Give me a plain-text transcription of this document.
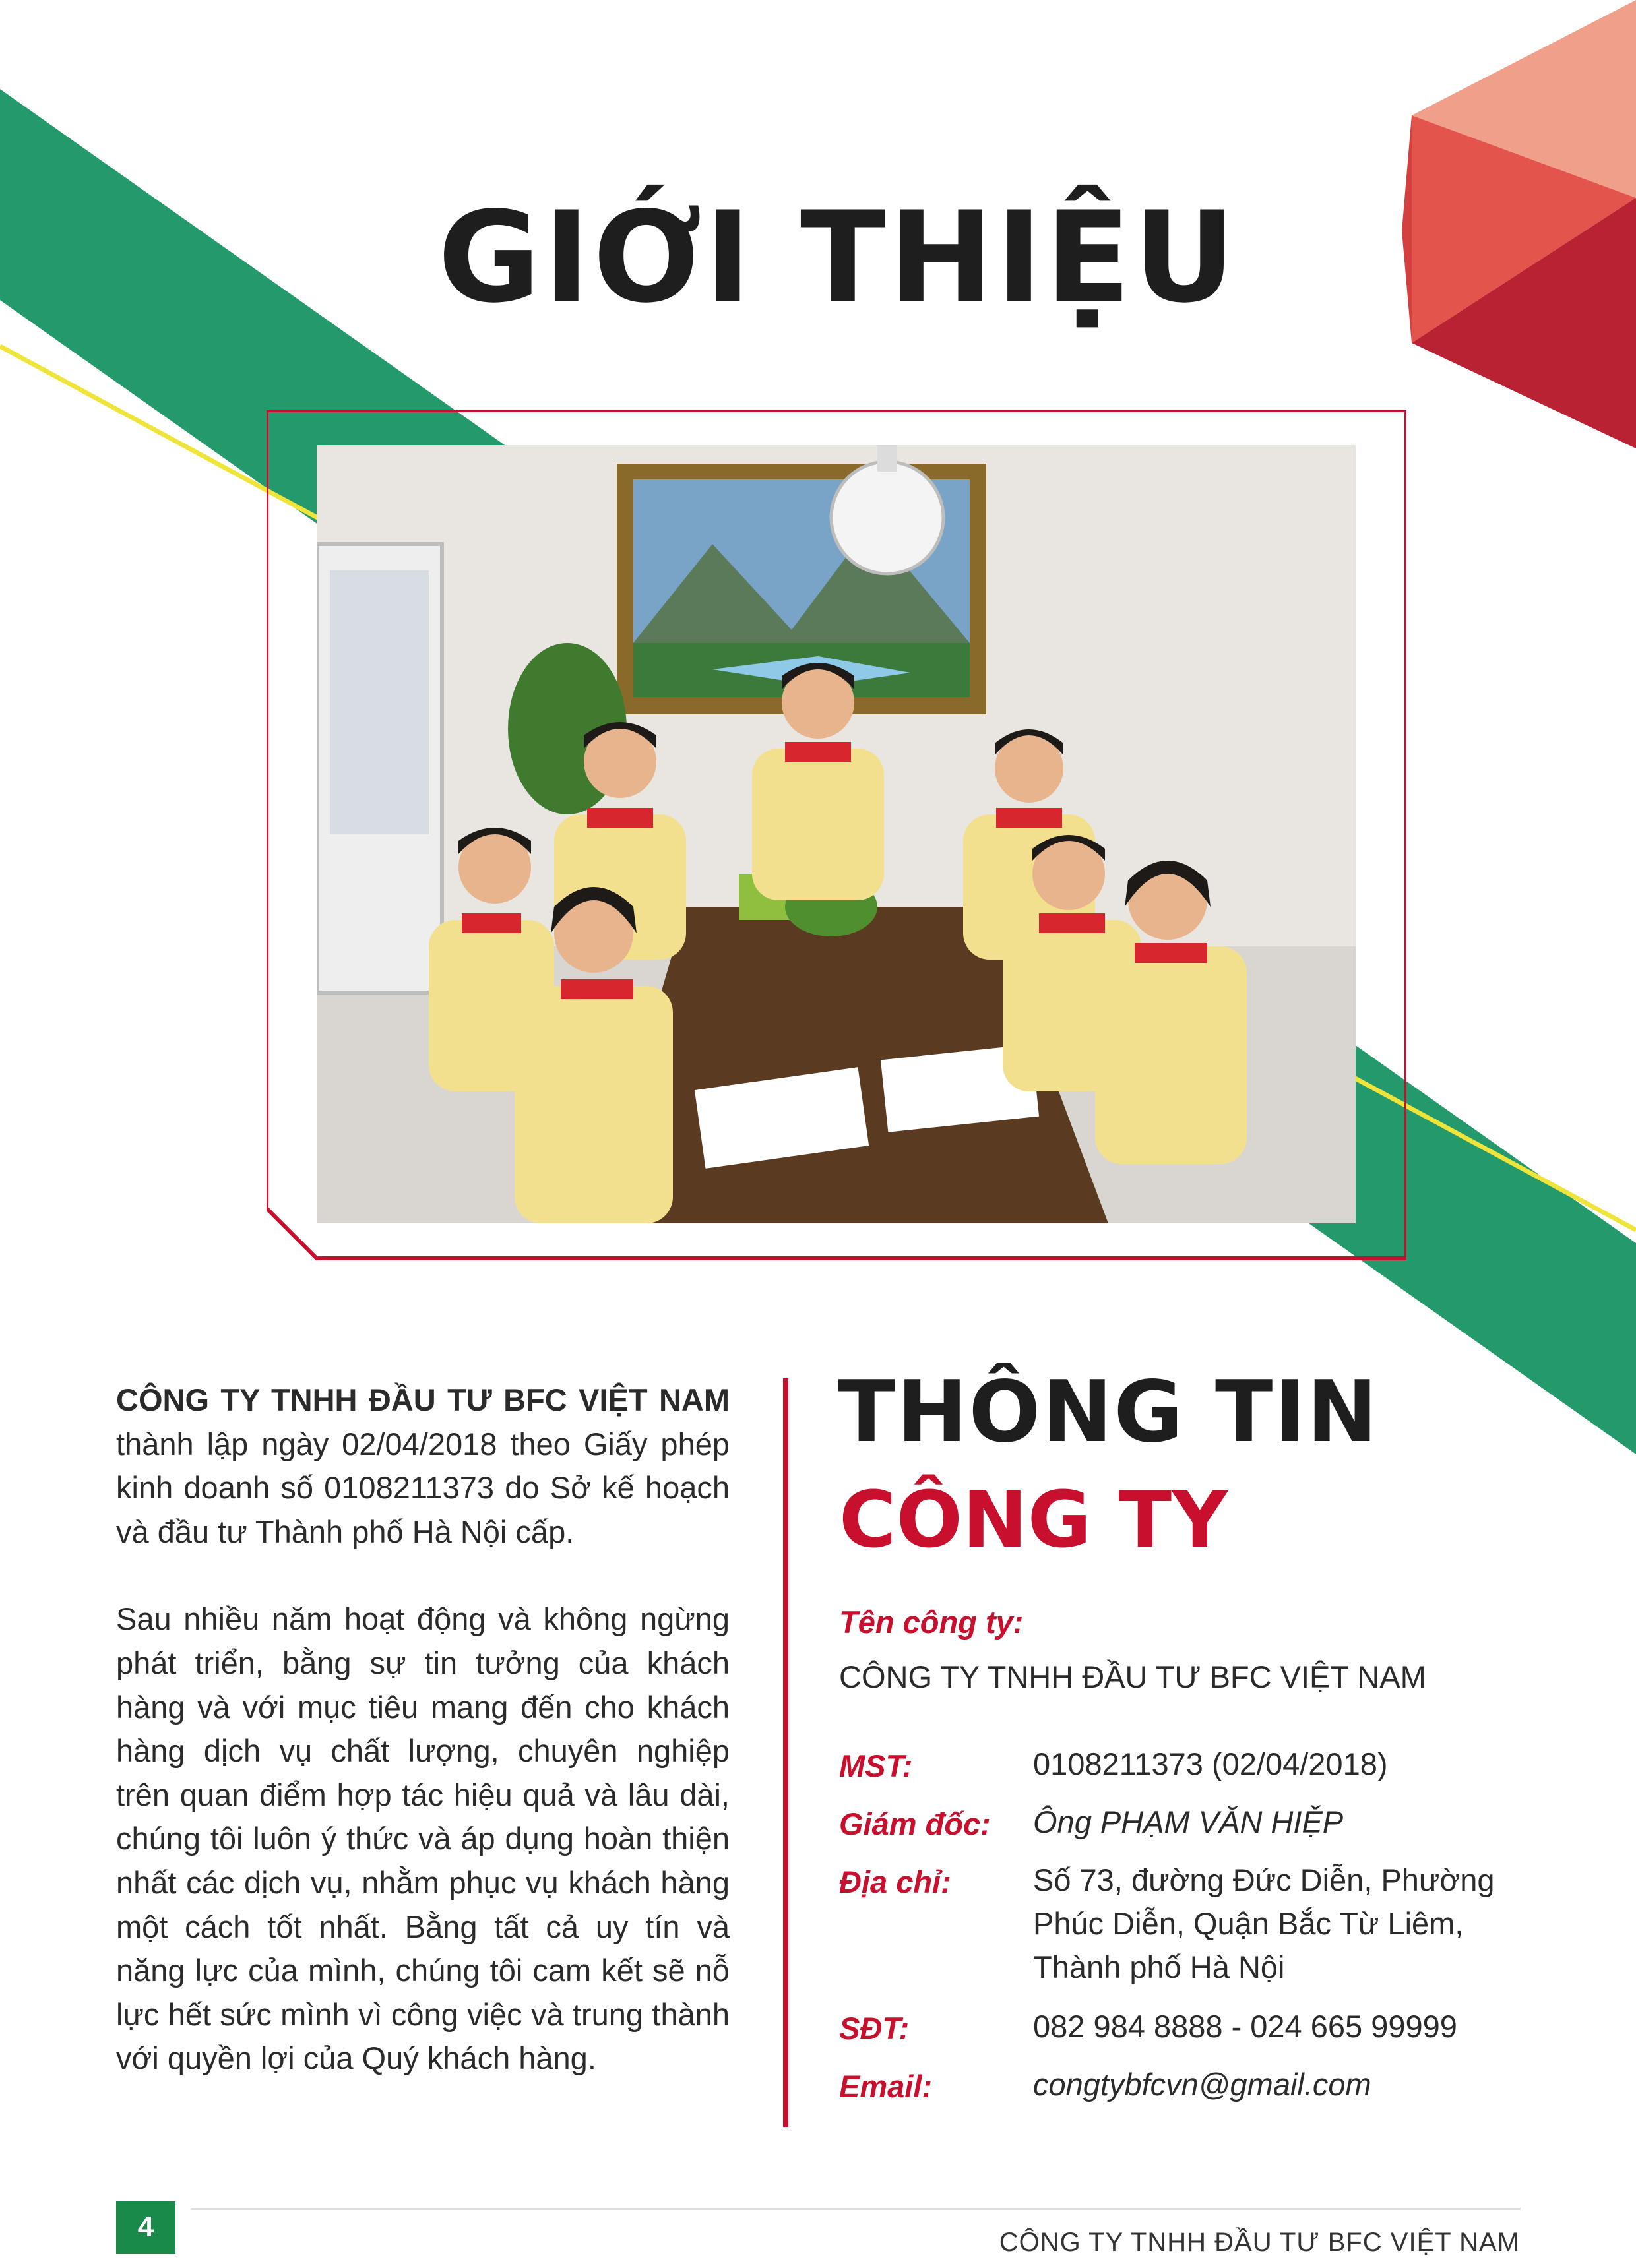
GIỚI THIỆU

CÔNG TY TNHH ĐẦU TƯ BFC VIỆT NAM thành lập ngày 02/04/2018 theo Giấy phép kinh doanh số 0108211373 do Sở kế hoạch và đầu tư Thành phố Hà Nội cấp.

Sau nhiều năm hoạt động và không ngừng phát triển, bằng sự tin tưởng của khách hàng và với mục tiêu mang đến cho khách hàng dịch vụ chất lượng, chuyên nghiệp trên quan điểm hợp tác hiệu quả và lâu dài, chúng tôi luôn ý thức và áp dụng hoàn thiện nhất các dịch vụ, nhằm phục vụ khách hàng một cách tốt nhất. Bằng tất cả uy tín và năng lực của mình, chúng tôi cam kết sẽ nỗ lực hết sức mình vì công việc và trung thành với quyền lợi của Quý khách hàng.

THÔNG TIN
CÔNG TY
Tên công ty:
CÔNG TY TNHH ĐẦU TƯ BFC VIỆT NAM
MST:	0108211373 (02/04/2018)
Giám đốc: Ông PHẠM VĂN HIỆP
Địa chỉ:	Số 73, đường Đức Diễn, Phường
Phúc Diễn, Quận Bắc Từ Liêm,
Thành phố Hà Nội
SĐT:	082 984 8888 - 024 665 99999
Email:	congtybfcvn@gmail.com
4	CÔNG TY TNHH ĐẦU TƯ BFC VIỆT NAM
